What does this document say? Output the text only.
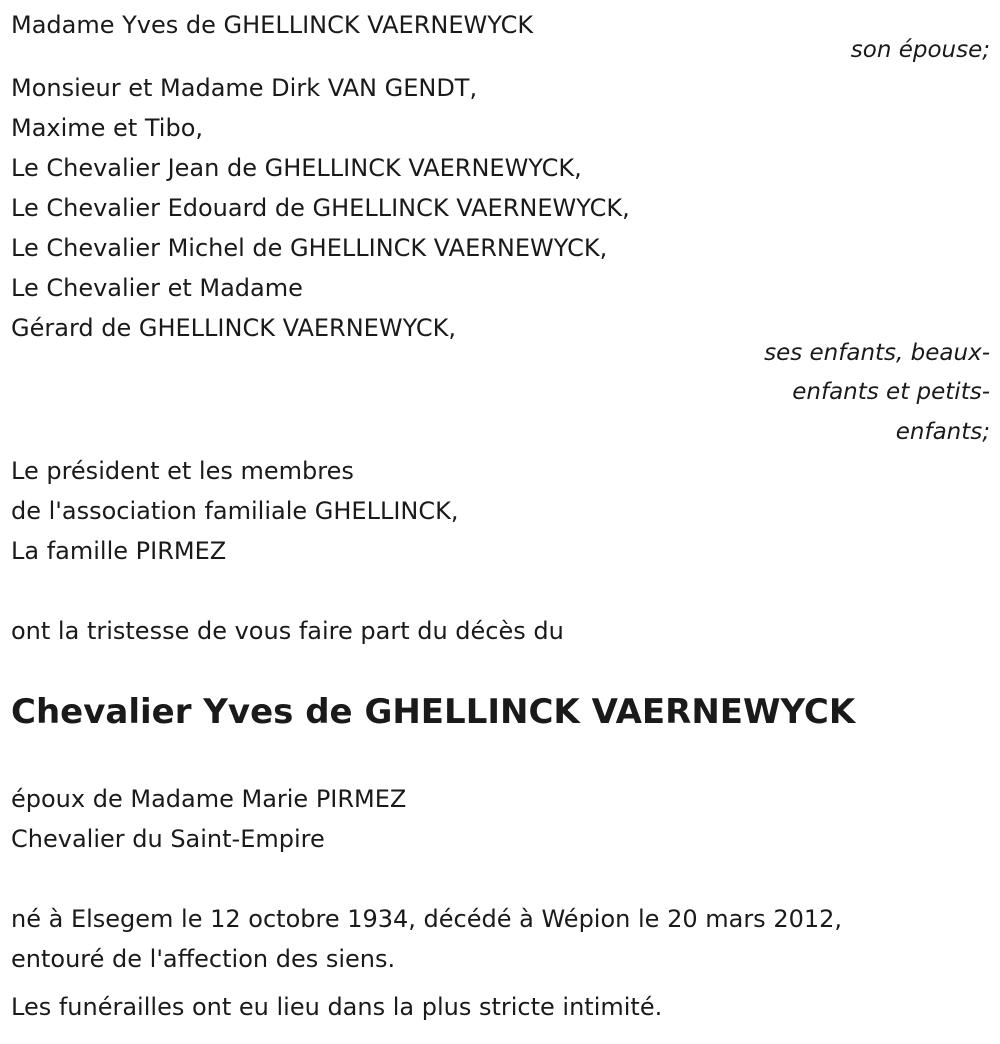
Madame Yves de GHELLINCK VAERNEWYCK
son épouse;
Monsieur et Madame Dirk VAN GENDT,
Maxime et Tibo,
Le Chevalier Jean de GHELLINCK VAERNEWYCK,
Le Chevalier Edouard de GHELLINCK VAERNEWYCK,
Le Chevalier Michel de GHELLINCK VAERNEWYCK,
Le Chevalier et Madame
Gérard de GHELLINCK VAERNEWYCK,
ses enfants, beaux-
enfants et petits-
enfants;
Le président et les membres
de l'association familiale GHELLINCK,
La famille PIRMEZ
ont la tristesse de vous faire part du décès du
Chevalier Yves de GHELLINCK VAERNEWYCK
époux de Madame Marie PIRMEZ
Chevalier du Saint-Empire
né à Elsegem le 12 octobre 1934, décédé à Wépion le 20 mars 2012,
entouré de l'affection des siens.
Les funérailles ont eu lieu dans la plus stricte intimité.
